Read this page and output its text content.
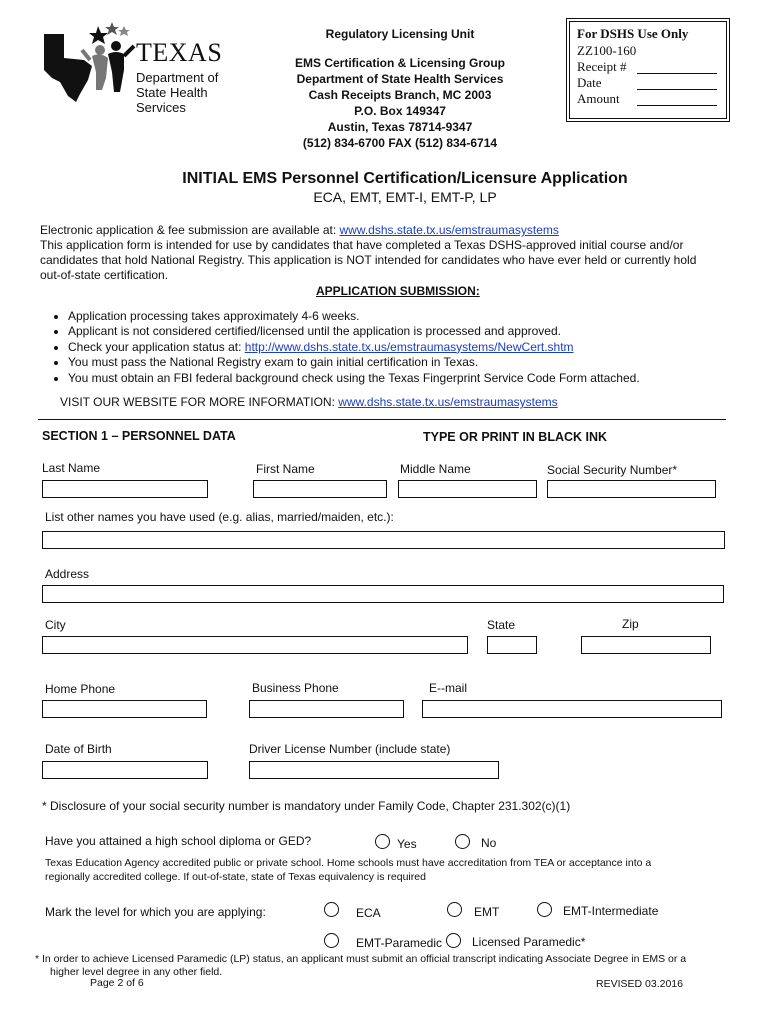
TEXAS
Department of
State Health Services
Regulatory Licensing Unit
EMS Certification & Licensing Group
Department of State Health Services
Cash Receipts Branch, MC 2003
P.O. Box 149347
Austin, Texas 78714-9347
(512) 834-6700 FAX (512) 834-6714
For DSHS Use Only
ZZ100-160
Receipt #
Date
Amount
INITIAL EMS Personnel Certification/Licensure Application
ECA, EMT, EMT-I, EMT-P, LP
Electronic application & fee submission are available at: www.dshs.state.tx.us/emstraumasystems
This application form is intended for use by candidates that have completed a Texas DSHS-approved initial course and/or
candidates that hold National Registry. This application is NOT intended for candidates who have ever held or currently hold
out-of-state certification.
APPLICATION SUBMISSION:
• Application processing takes approximately 4-6 weeks.
• Applicant is not considered certified/licensed until the application is processed and approved.
• Check your application status at: http://www.dshs.state.tx.us/emstraumasystems/NewCert.shtm
• You must pass the National Registry exam to gain initial certification in Texas.
• You must obtain an FBI federal background check using the Texas Fingerprint Service Code Form attached.
VISIT OUR WEBSITE FOR MORE INFORMATION: www.dshs.state.tx.us/emstraumasystems
SECTION 1 – PERSONNEL DATA	TYPE OR PRINT IN BLACK INK
Last Name	First Name	Middle Name	Social Security Number*
List other names you have used (e.g. alias, married/maiden, etc.):
Address
City	State	Zip
Home Phone	Business Phone	E--mail
Date of Birth	Driver License Number (include state)
* Disclosure of your social security number is mandatory under Family Code, Chapter 231.302(c)(1)
Have you attained a high school diploma or GED?	Yes	No
Texas Education Agency accredited public or private school. Home schools must have accreditation from TEA or acceptance into a
regionally accredited college. If out-of-state, state of Texas equivalency is required
Mark the level for which you are applying:	ECA	EMT	EMT-Intermediate
EMT-Paramedic Licensed Paramedic*
* In order to achieve Licensed Paramedic (LP) status, an applicant must submit an official transcript indicating Associate Degree in EMS or a
higher level degree in any other field.
Page 2 of 6	REVISED 03.2016
